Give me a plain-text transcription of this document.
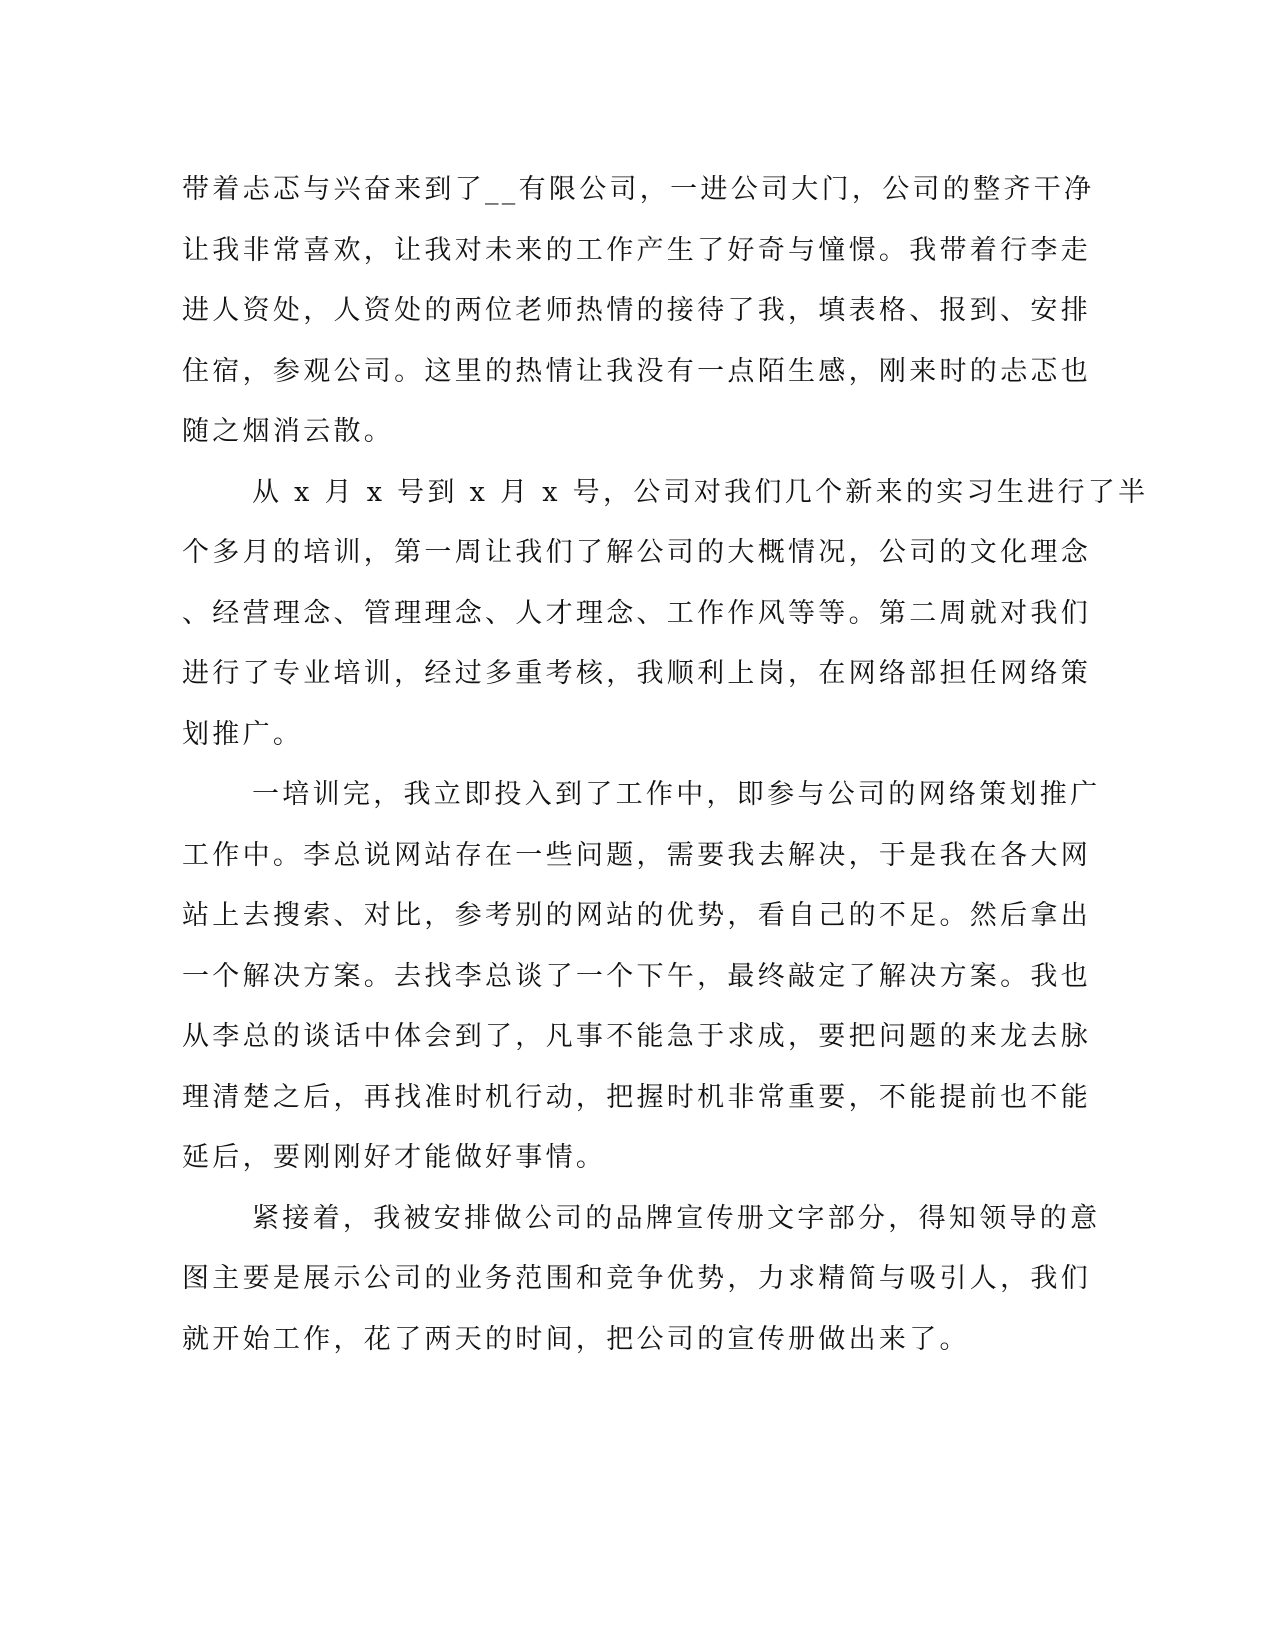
带着忐忑与兴奋来到了__有限公司，一进公司大门，公司的整齐干净
让我非常喜欢，让我对未来的工作产生了好奇与憧憬。我带着行李走
进人资处，人资处的两位老师热情的接待了我，填表格、报到、安排
住宿，参观公司。这里的热情让我没有一点陌生感，刚来时的忐忑也
随之烟消云散。
从 x 月 x 号到 x 月 x 号，公司对我们几个新来的实习生进行了半
个多月的培训，第一周让我们了解公司的大概情况，公司的文化理念
、经营理念、管理理念、人才理念、工作作风等等。第二周就对我们
进行了专业培训，经过多重考核，我顺利上岗，在网络部担任网络策
划推广。
一培训完，我立即投入到了工作中，即参与公司的网络策划推广
工作中。李总说网站存在一些问题，需要我去解决，于是我在各大网
站上去搜索、对比，参考别的网站的优势，看自己的不足。然后拿出
一个解决方案。去找李总谈了一个下午，最终敲定了解决方案。我也
从李总的谈话中体会到了，凡事不能急于求成，要把问题的来龙去脉
理清楚之后，再找准时机行动，把握时机非常重要，不能提前也不能
延后，要刚刚好才能做好事情。
紧接着，我被安排做公司的品牌宣传册文字部分，得知领导的意
图主要是展示公司的业务范围和竞争优势，力求精简与吸引人，我们
就开始工作，花了两天的时间，把公司的宣传册做出来了。
